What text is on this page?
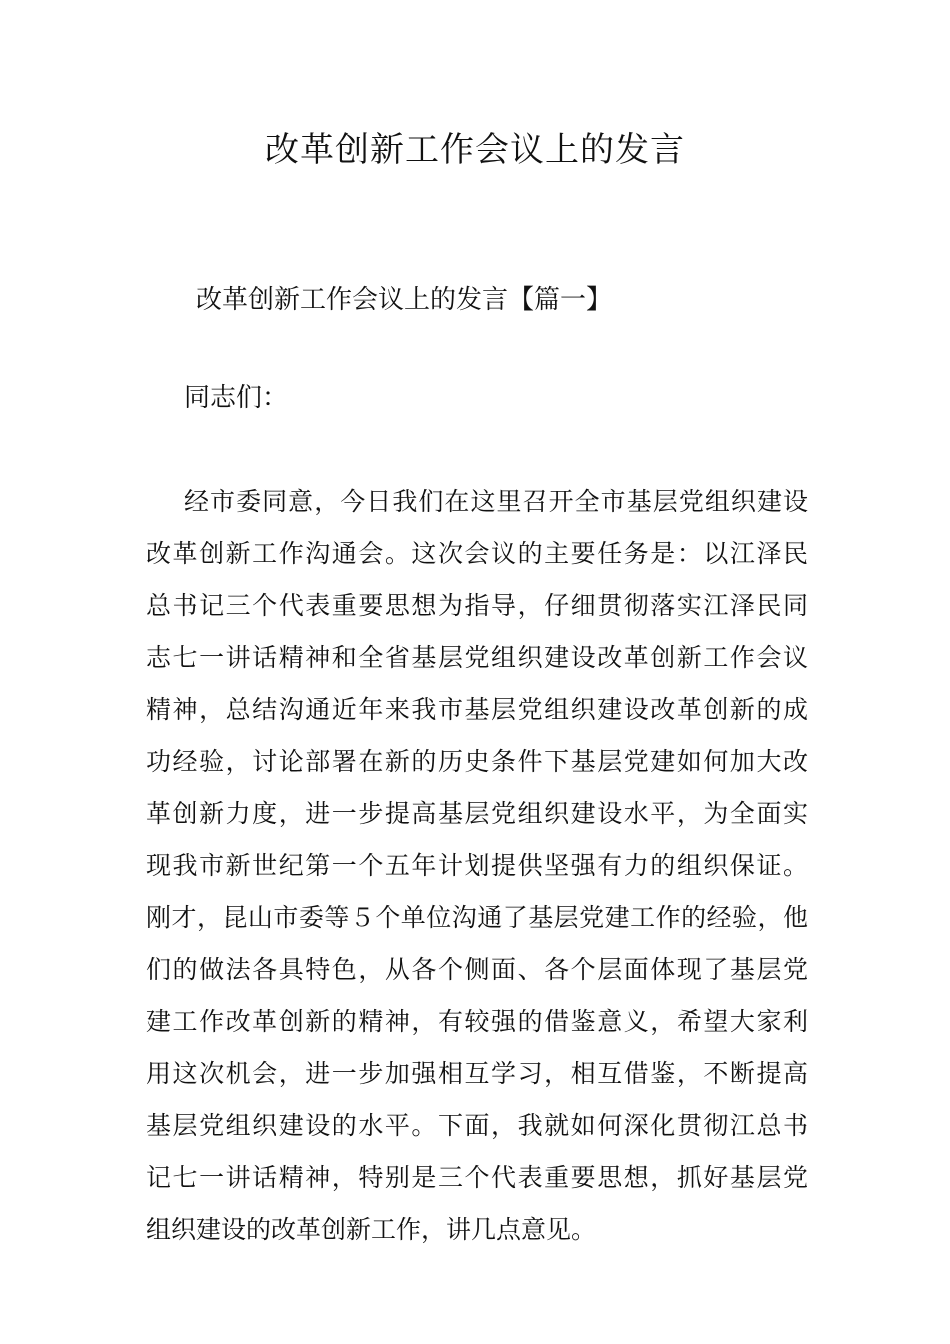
改革创新工作会议上的发言

改革创新工作会议上的发言【篇一】

同志们：

经市委同意，今日我们在这里召开全市基层党组织建设
改革创新工作沟通会。这次会议的主要任务是：以江泽民
总书记三个代表重要思想为指导，仔细贯彻落实江泽民同
志七一讲话精神和全省基层党组织建设改革创新工作会议
精神，总结沟通近年来我市基层党组织建设改革创新的成
功经验，讨论部署在新的历史条件下基层党建如何加大改
革创新力度，进一步提高基层党组织建设水平，为全面实
现我市新世纪第一个五年计划提供坚强有力的组织保证。
刚才，昆山市委等５个单位沟通了基层党建工作的经验，他
们的做法各具特色，从各个侧面、各个层面体现了基层党
建工作改革创新的精神，有较强的借鉴意义，希望大家利
用这次机会，进一步加强相互学习，相互借鉴，不断提高
基层党组织建设的水平。下面，我就如何深化贯彻江总书
记七一讲话精神，特别是三个代表重要思想，抓好基层党
组织建设的改革创新工作，讲几点意见。
